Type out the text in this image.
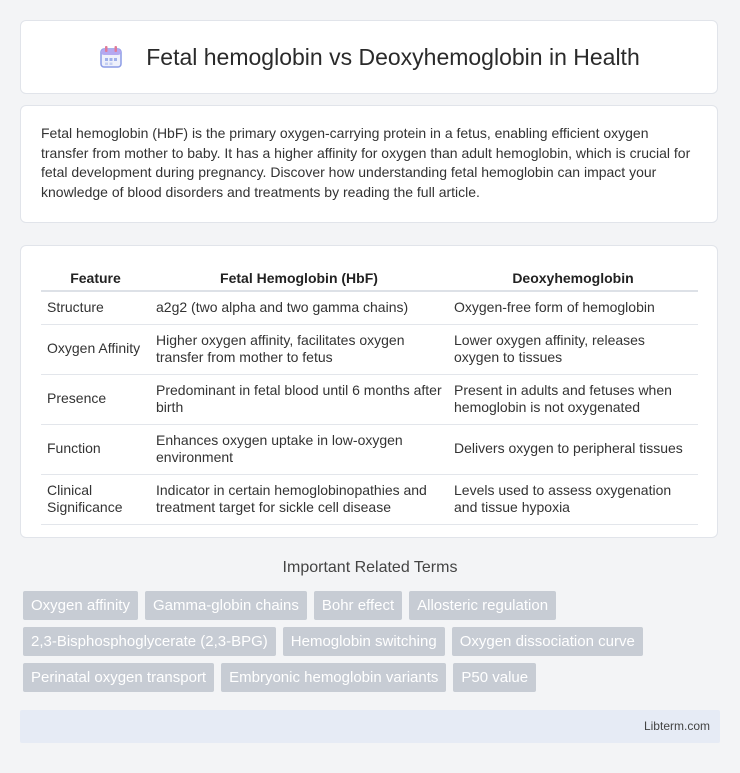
Fetal hemoglobin vs Deoxyhemoglobin in Health

Fetal hemoglobin (HbF) is the primary oxygen-carrying protein in a fetus, enabling efficient oxygen transfer from mother to baby. It has a higher affinity for oxygen than adult hemoglobin, which is crucial for fetal development during pregnancy. Discover how understanding fetal hemoglobin can impact your knowledge of blood disorders and treatments by reading the full article.

Feature	Fetal Hemoglobin (HbF)	Deoxyhemoglobin
Structure	a2g2 (two alpha and two gamma chains)	Oxygen-free form of hemoglobin
Oxygen Affinity	Higher oxygen affinity, facilitates oxygen transfer from mother to fetus	Lower oxygen affinity, releases oxygen to tissues
Presence	Predominant in fetal blood until 6 months after birth	Present in adults and fetuses when hemoglobin is not oxygenated
Function	Enhances oxygen uptake in low-oxygen environment	Delivers oxygen to peripheral tissues
Clinical Significance	Indicator in certain hemoglobinopathies and treatment target for sickle cell disease	Levels used to assess oxygenation and tissue hypoxia
Important Related Terms
Oxygen affinity	Gamma-globin chains	Bohr effect	Allosteric regulation
2,3-Bisphosphoglycerate (2,3-BPG)	Hemoglobin switching	Oxygen dissociation curve
Perinatal oxygen transport	Embryonic hemoglobin variants	P50 value
Libterm.com
